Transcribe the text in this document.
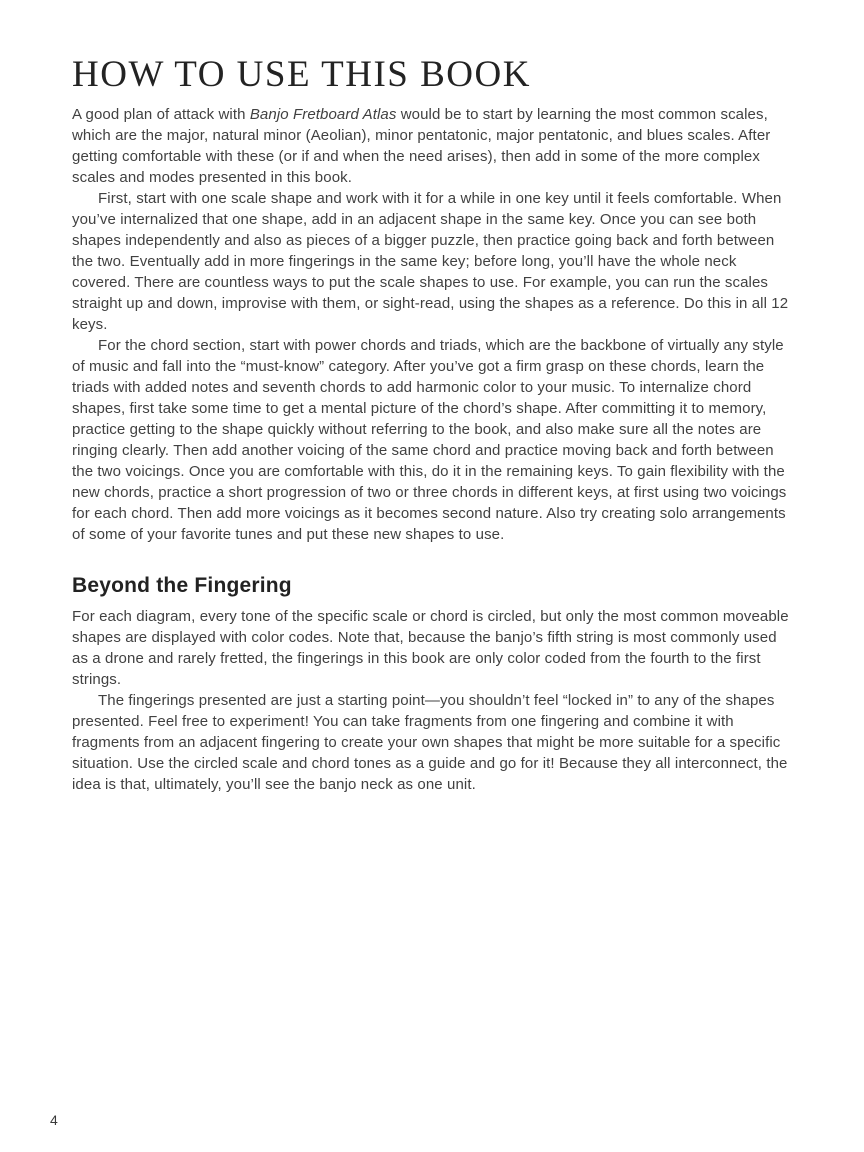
HOW TO USE THIS BOOK

A good plan of attack with Banjo Fretboard Atlas would be to start by learning the most common scales, which are the major, natural minor (Aeolian), minor pentatonic, major pentatonic, and blues scales. After getting comfortable with these (or if and when the need arises), then add in some of the more complex scales and modes presented in this book.

First, start with one scale shape and work with it for a while in one key until it feels comfortable. When you’ve internalized that one shape, add in an adjacent shape in the same key. Once you can see both shapes independently and also as pieces of a bigger puzzle, then practice going back and forth between the two. Eventually add in more fingerings in the same key; before long, you’ll have the whole neck covered. There are countless ways to put the scale shapes to use. For example, you can run the scales straight up and down, improvise with them, or sight-read, using the shapes as a reference. Do this in all 12 keys.

For the chord section, start with power chords and triads, which are the backbone of virtually any style of music and fall into the “must-know” category. After you’ve got a firm grasp on these chords, learn the triads with added notes and seventh chords to add harmonic color to your music. To internalize chord shapes, first take some time to get a mental picture of the chord’s shape. After committing it to memory, practice getting to the shape quickly without referring to the book, and also make sure all the notes are ringing clearly. Then add another voicing of the same chord and practice moving back and forth between the two voicings. Once you are comfortable with this, do it in the remaining keys. To gain flexibility with the new chords, practice a short progression of two or three chords in different keys, at first using two voicings for each chord. Then add more voicings as it becomes second nature. Also try creating solo arrangements of some of your favorite tunes and put these new shapes to use.

Beyond the Fingering

For each diagram, every tone of the specific scale or chord is circled, but only the most common moveable shapes are displayed with color codes. Note that, because the banjo’s fifth string is most commonly used as a drone and rarely fretted, the fingerings in this book are only color coded from the fourth to the first strings.

The fingerings presented are just a starting point—you shouldn’t feel “locked in” to any of the shapes presented. Feel free to experiment! You can take fragments from one fingering and combine it with fragments from an adjacent fingering to create your own shapes that might be more suitable for a specific situation. Use the circled scale and chord tones as a guide and go for it! Because they all interconnect, the idea is that, ultimately, you’ll see the banjo neck as one unit.

4
